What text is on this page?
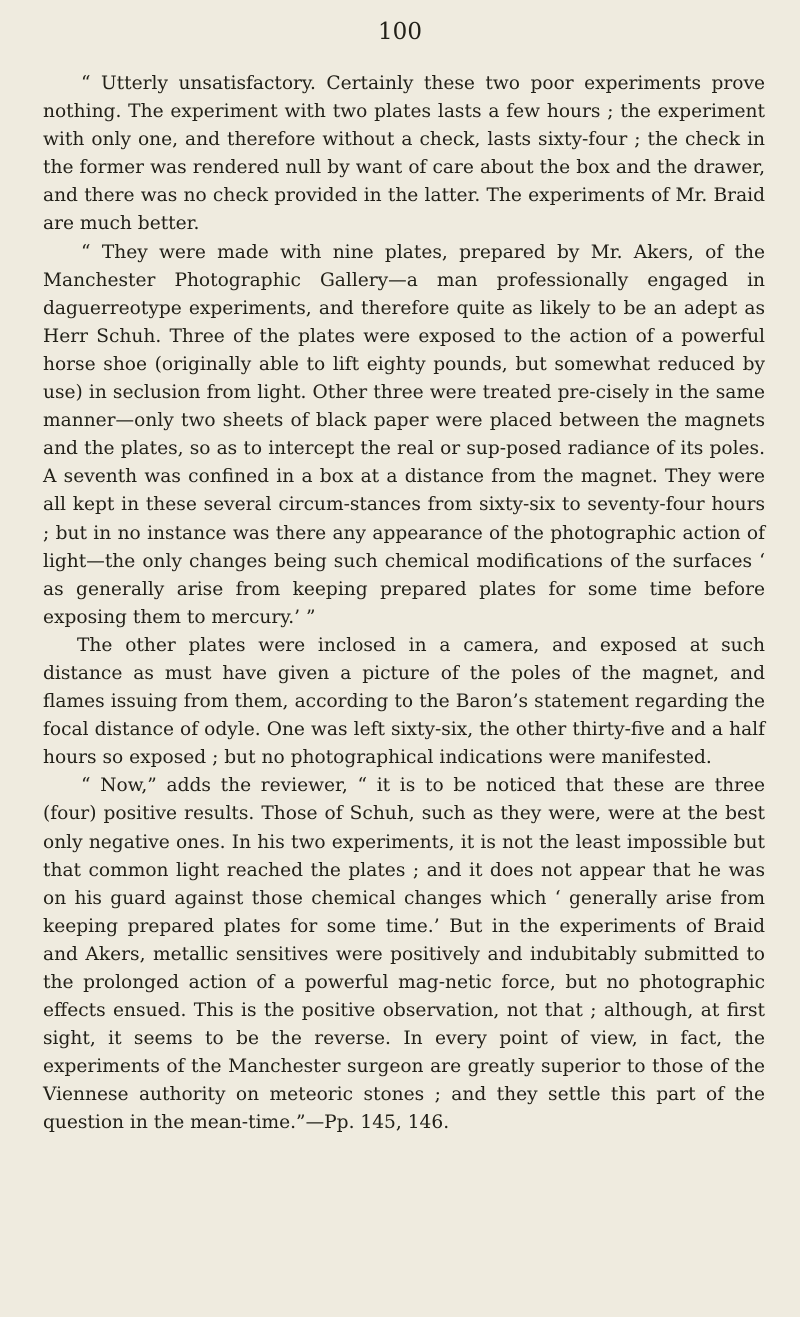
100

“ Utterly unsatisfactory. Certainly these two poor experiments prove nothing. The experiment with two plates lasts a few hours ; the experiment with only one, and therefore without a check, lasts sixty-four ; the check in the former was rendered null by want of care about the box and the drawer, and there was no check provided in the latter. The experiments of Mr. Braid are much better.

“ They were made with nine plates, prepared by Mr. Akers, of the Manchester Photographic Gallery—a man professionally engaged in daguerreotype experiments, and therefore quite as likely to be an adept as Herr Schuh. Three of the plates were exposed to the action of a powerful horse shoe (originally able to lift eighty pounds, but somewhat reduced by use) in seclusion from light. Other three were treated pre-cisely in the same manner—only two sheets of black paper were placed between the magnets and the plates, so as to intercept the real or sup-posed radiance of its poles. A seventh was confined in a box at a distance from the magnet. They were all kept in these several circum-stances from sixty-six to seventy-four hours ; but in no instance was there any appearance of the photographic action of light—the only changes being such chemical modifications of the surfaces ‘ as generally arise from keeping prepared plates for some time before exposing them to mercury.’ ”

The other plates were inclosed in a camera, and exposed at such distance as must have given a picture of the poles of the magnet, and flames issuing from them, according to the Baron’s statement regarding the focal distance of odyle. One was left sixty-six, the other thirty-five and a half hours so exposed ; but no photographical indications were manifested.

“ Now,” adds the reviewer, “ it is to be noticed that these are three (four) positive results. Those of Schuh, such as they were, were at the best only negative ones. In his two experiments, it is not the least impossible but that common light reached the plates ; and it does not appear that he was on his guard against those chemical changes which ‘ generally arise from keeping prepared plates for some time.’ But in the experiments of Braid and Akers, metallic sensitives were positively and indubitably submitted to the prolonged action of a powerful mag-netic force, but no photographic effects ensued. This is the positive observation, not that ; although, at first sight, it seems to be the reverse. In every point of view, in fact, the experiments of the Manchester surgeon are greatly superior to those of the Viennese authority on meteoric stones ; and they settle this part of the question in the mean-time.”—Pp. 145, 146.
